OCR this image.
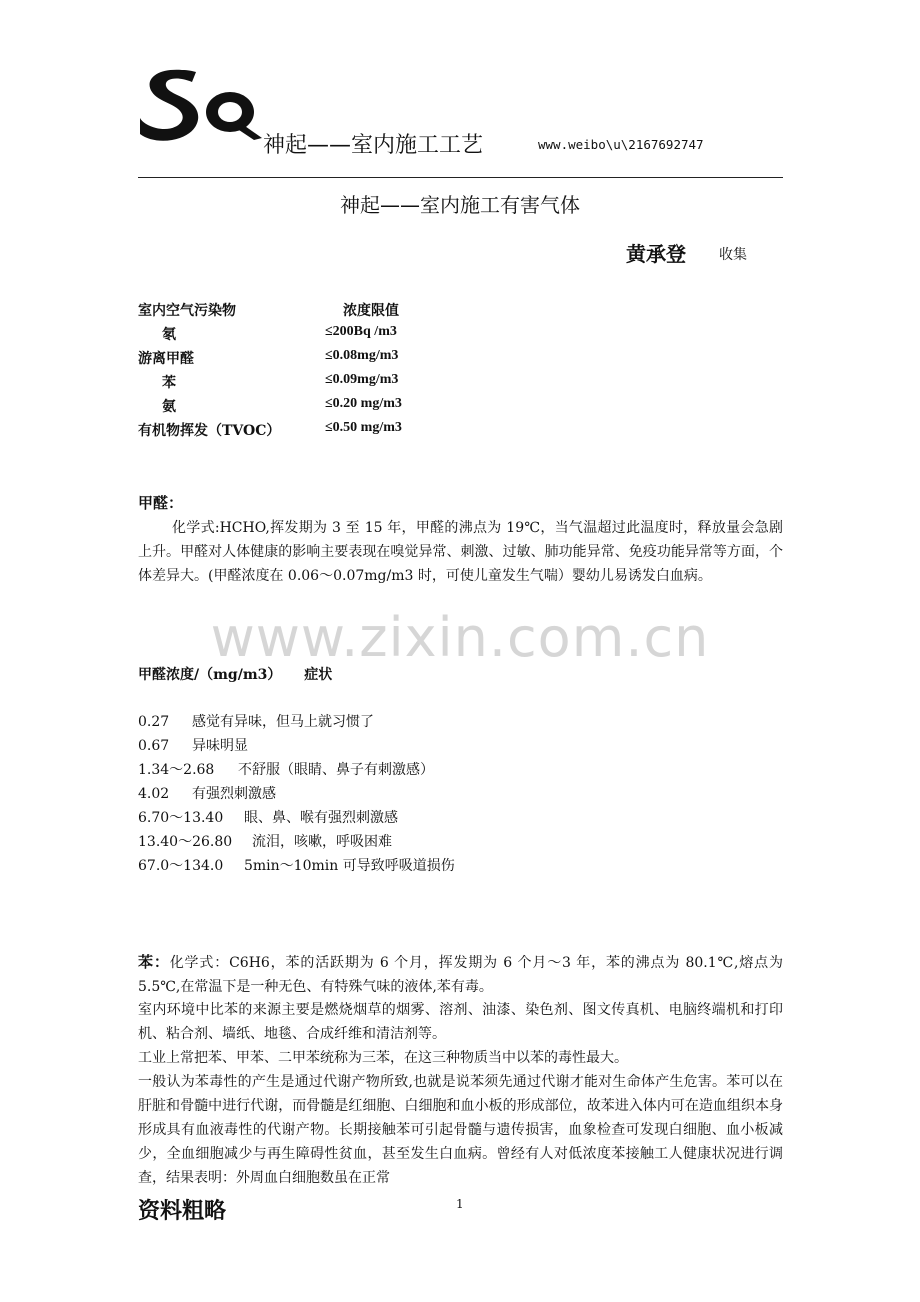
神起——室内施工工艺	www.weibo\u\2167692747
神起——室内施工有害气体
黄承登 收集
室内空气污染物	浓度限值
氡	≤200Bq /m3
游离甲醛	≤0.08mg/m3
苯	≤0.09mg/m3
氨	≤0.20 mg/m3
有机物挥发（TVOC）	≤0.50 mg/m3
甲醛：
化学式:HCHO,挥发期为 3 至 15 年，甲醛的沸点为 19℃，当气温超过此温度时，释放量会急剧上升。甲醛对人体健康的影响主要表现在嗅觉异常、刺激、过敏、肺功能异常、免疫功能异常等方面，个体差异大。(甲醛浓度在 0.06～0.07mg/m3 时，可使儿童发生气喘）婴幼儿易诱发白血病。
www.zixin.com.cn
甲醛浓度/（mg/m3） 症状
0.27 感觉有异味，但马上就习惯了
0.67 异味明显
1.34～2.68 不舒服（眼睛、鼻子有刺激感）
4.02 有强烈刺激感
6.70～13.40 眼、鼻、喉有强烈刺激感
13.40～26.80 流泪，咳嗽，呼吸困难
67.0～134.0 5min～10min 可导致呼吸道损伤
苯：化学式：C6H6，苯的活跃期为 6 个月，挥发期为 6 个月～3 年，苯的沸点为 80.1℃,熔点为 5.5℃,在常温下是一种无色、有特殊气味的液体,苯有毒。
室内环境中比苯的来源主要是燃烧烟草的烟雾、溶剂、油漆、染色剂、图文传真机、电脑终端机和打印机、粘合剂、墙纸、地毯、合成纤维和清洁剂等。
工业上常把苯、甲苯、二甲苯统称为三苯，在这三种物质当中以苯的毒性最大。
一般认为苯毒性的产生是通过代谢产物所致,也就是说苯须先通过代谢才能对生命体产生危害。苯可以在肝脏和骨髓中进行代谢，而骨髓是红细胞、白细胞和血小板的形成部位，故苯进入体内可在造血组织本身形成具有血液毒性的代谢产物。长期接触苯可引起骨髓与遗传损害，血象检查可发现白细胞、血小板减少，全血细胞减少与再生障碍性贫血，甚至发生白血病。曾经有人对低浓度苯接触工人健康状况进行调查，结果表明：外周血白细胞数虽在正常
资料粗略	1
